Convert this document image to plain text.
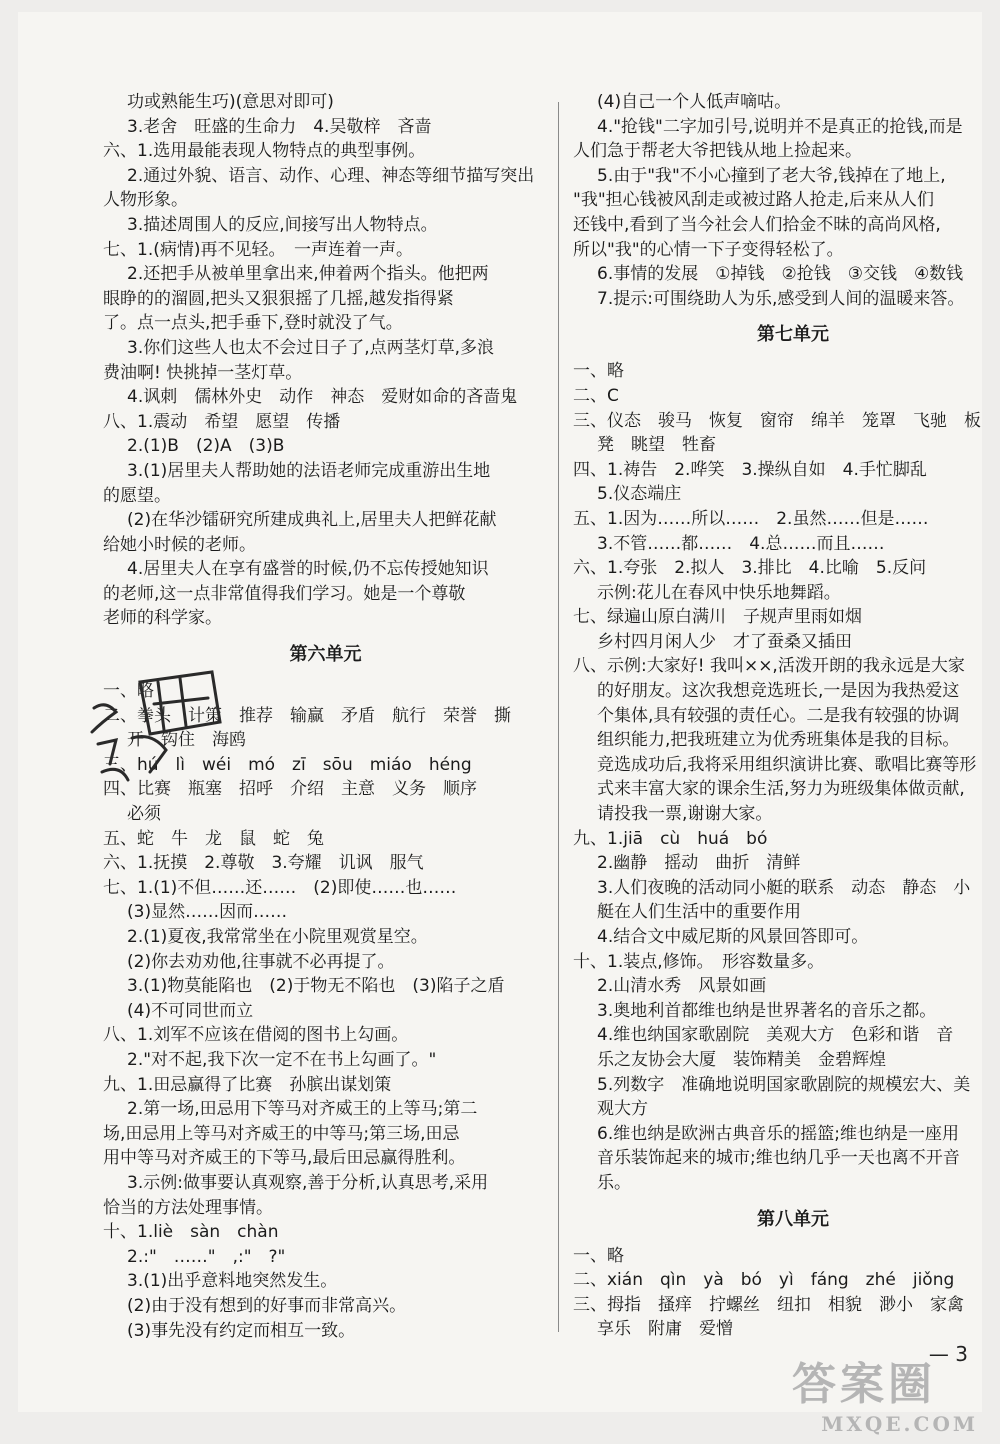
功或熟能生巧)(意思对即可)
3.老舍　旺盛的生命力　4.吴敬梓　吝啬
六、1.选用最能表现人物特点的典型事例。
2.通过外貌、语言、动作、心理、神态等细节描写突出
人物形象。
3.描述周围人的反应,间接写出人物特点。
七、1.(病情)再不见轻。　一声连着一声。
2.还把手从被单里拿出来,伸着两个指头。他把两
眼睁的的溜圆,把头又狠狠摇了几摇,越发指得紧
了。点一点头,把手垂下,登时就没了气。
3.你们这些人也太不会过日子了,点两茎灯草,多浪
费油啊! 快挑掉一茎灯草。
4.讽刺　儒林外史　动作　神态　爱财如命的吝啬鬼
八、1.震动　希望　愿望　传播
2.(1)B　(2)A　(3)B
3.(1)居里夫人帮助她的法语老师完成重游出生地
的愿望。
(2)在华沙镭研究所建成典礼上,居里夫人把鲜花献
给她小时候的老师。
4.居里夫人在享有盛誉的时候,仍不忘传授她知识
的老师,这一点非常值得我们学习。她是一个尊敬
老师的科学家。
第六单元
一、略
二、拳头　计策　推荐　输赢　矛盾　航行　荣誉　撕
开　钩住　海鸥
三、hú　lì　wéi　mó　zī　sōu　miáo　héng
四、比赛　瓶塞　招呼　介绍　主意　义务　顺序
必须
五、蛇　牛　龙　鼠　蛇　兔
六、1.抚摸　2.尊敬　3.夸耀　讥讽　服气
七、1.(1)不但……还……　(2)即使……也……
(3)显然……因而……
2.(1)夏夜,我常常坐在小院里观赏星空。
(2)你去劝劝他,往事就不必再提了。
3.(1)物莫能陷也　(2)于物无不陷也　(3)陷子之盾
(4)不可同世而立
八、1.刘军不应该在借阅的图书上勾画。
2."对不起,我下次一定不在书上勾画了。"
九、1.田忌赢得了比赛　孙膑出谋划策
2.第一场,田忌用下等马对齐威王的上等马;第二
场,田忌用上等马对齐威王的中等马;第三场,田忌
用中等马对齐威王的下等马,最后田忌赢得胜利。
3.示例:做事要认真观察,善于分析,认真思考,采用
恰当的方法处理事情。
十、1.liè　sàn　chàn
2.:"　……"　,:"　?"
3.(1)出乎意料地突然发生。
(2)由于没有想到的好事而非常高兴。
(3)事先没有约定而相互一致。
(4)自己一个人低声嘀咕。
4."抢钱"二字加引号,说明并不是真正的抢钱,而是
人们急于帮老大爷把钱从地上捡起来。
5.由于"我"不小心撞到了老大爷,钱掉在了地上,
"我"担心钱被风刮走或被过路人抢走,后来从人们
还钱中,看到了当今社会人们拾金不昧的高尚风格,
所以"我"的心情一下子变得轻松了。
6.事情的发展　①掉钱　②抢钱　③交钱　④数钱
7.提示:可围绕助人为乐,感受到人间的温暖来答。
第七单元
一、略
二、C
三、仪态　骏马　恢复　窗帘　绵羊　笼罩　飞驰　板
凳　眺望　牲畜
四、1.祷告　2.哗笑　3.操纵自如　4.手忙脚乱
5.仪态端庄
五、1.因为……所以……　2.虽然……但是……
3.不管……都……　4.总……而且……
六、1.夸张　2.拟人　3.排比　4.比喻　5.反问
示例:花儿在春风中快乐地舞蹈。
七、绿遍山原白满川　子规声里雨如烟
乡村四月闲人少　才了蚕桑又插田
八、示例:大家好! 我叫××,活泼开朗的我永远是大家
的好朋友。这次我想竞选班长,一是因为我热爱这
个集体,具有较强的责任心。二是我有较强的协调
组织能力,把我班建立为优秀班集体是我的目标。
竞选成功后,我将采用组织演讲比赛、歌唱比赛等形
式来丰富大家的课余生活,努力为班级集体做贡献,
请投我一票,谢谢大家。
九、1.jiā　cù　huá　bó
2.幽静　摇动　曲折　清鲜
3.人们夜晚的活动同小艇的联系　动态　静态　小
艇在人们生活中的重要作用
4.结合文中威尼斯的风景回答即可。
十、1.装点,修饰。　形容数量多。
2.山清水秀　风景如画
3.奥地利首都维也纳是世界著名的音乐之都。
4.维也纳国家歌剧院　美观大方　色彩和谐　音
乐之友协会大厦　装饰精美　金碧辉煌
5.列数字　准确地说明国家歌剧院的规模宏大、美
观大方
6.维也纳是欧洲古典音乐的摇篮;维也纳是一座用
音乐装饰起来的城市;维也纳几乎一天也离不开音
乐。
第八单元
一、略
二、xián　qìn　yà　bó　yì　fáng　zhé　jiǒng
三、拇指　搔痒　拧螺丝　纽扣　相貌　渺小　家禽
享乐　附庸　爱憎
— 3
答案圈
MXQE.COM
